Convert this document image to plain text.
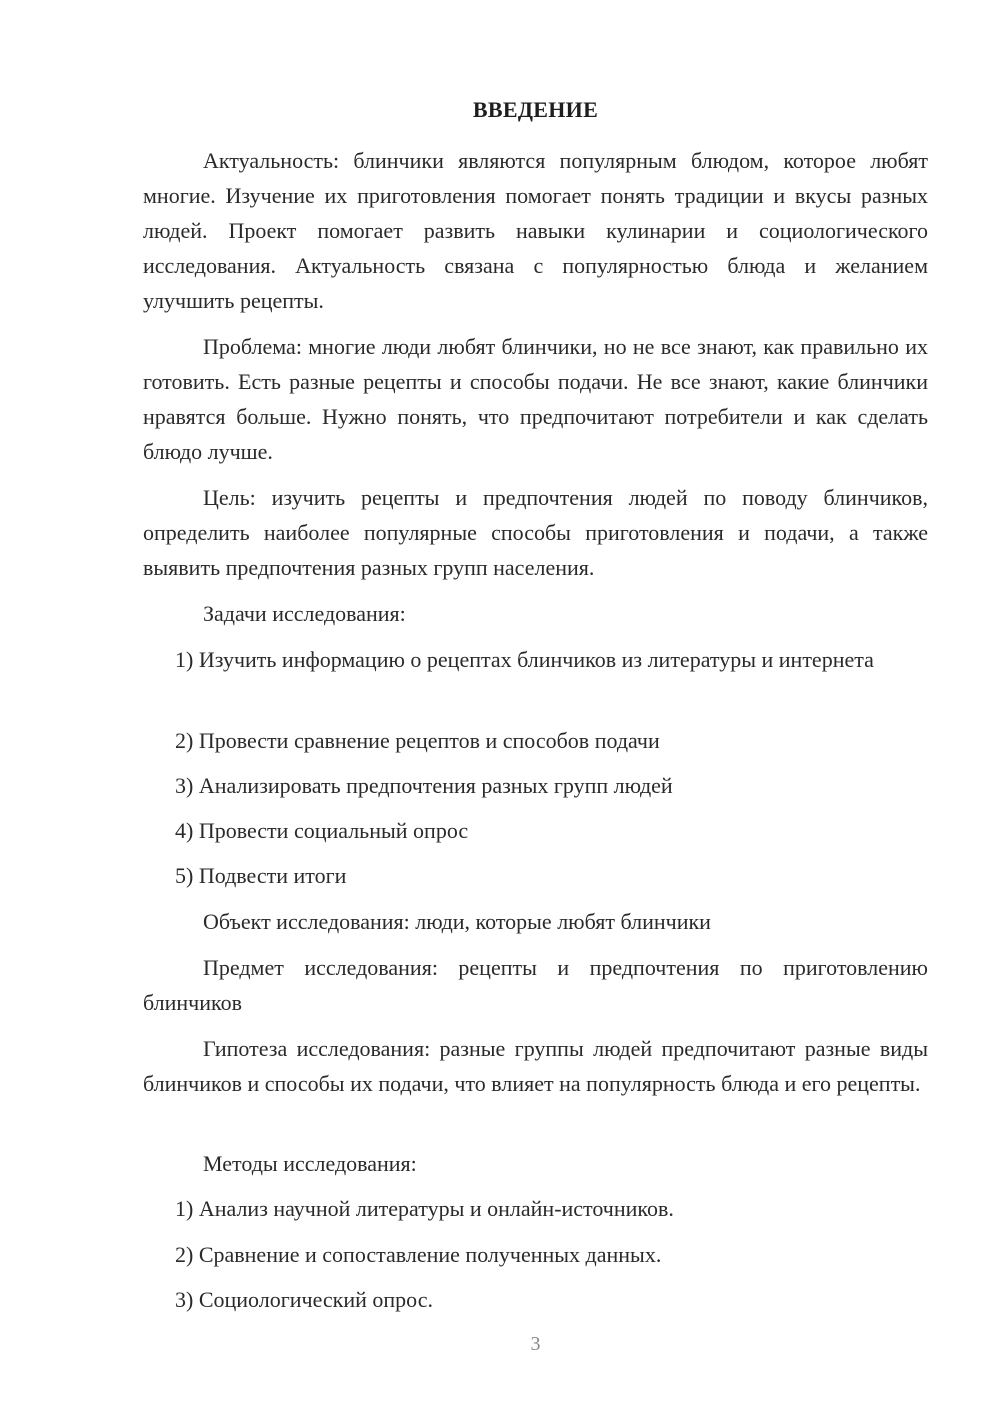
ВВЕДЕНИЕ

Актуальность: блинчики являются популярным блюдом, которое любят многие. Изучение их приготовления помогает понять традиции и вкусы разных людей. Проект помогает развить навыки кулинарии и социологического исследования. Актуальность связана с популярностью блюда и желанием улучшить рецепты.

Проблема: многие люди любят блинчики, но не все знают, как правильно их готовить. Есть разные рецепты и способы подачи. Не все знают, какие блинчики нравятся больше. Нужно понять, что предпочитают потребители и как сделать блюдо лучше.

Цель: изучить рецепты и предпочтения людей по поводу блинчиков, определить наиболее популярные способы приготовления и подачи, а также выявить предпочтения разных групп населения.

Задачи исследования:

1) Изучить информацию о рецептах блинчиков из литературы и интернета

2) Провести сравнение рецептов и способов подачи

3) Анализировать предпочтения разных групп людей

4) Провести социальный опрос

5) Подвести итоги

Объект исследования: люди, которые любят блинчики

Предмет исследования: рецепты и предпочтения по приготовлению блинчиков

Гипотеза исследования: разные группы людей предпочитают разные виды блинчиков и способы их подачи, что влияет на популярность блюда и его рецепты.

Методы исследования:

1) Анализ научной литературы и онлайн-источников.

2) Сравнение и сопоставление полученных данных.

3) Социологический опрос.

3
